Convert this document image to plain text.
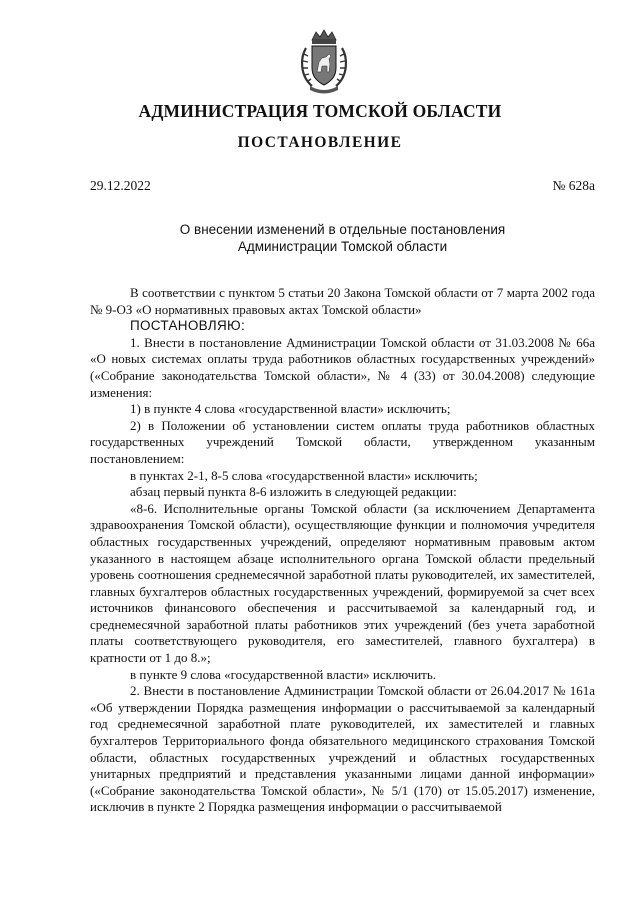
АДМИНИСТРАЦИЯ ТОМСКОЙ ОБЛАСТИ
ПОСТАНОВЛЕНИЕ
29.12.2022	№ 628а
О внесении изменений в отдельные постановления
Администрации Томской области

В соответствии с пунктом 5 статьи 20 Закона Томской области от 7 марта 2002 года № 9-ОЗ «О нормативных правовых актах Томской области»

ПОСТАНОВЛЯЮ:

1. Внести в постановление Администрации Томской области от 31.03.2008 № 66а «О новых системах оплаты труда работников областных государственных учреждений» («Собрание законодательства Томской области», № 4 (33) от 30.04.2008) следующие изменения:

1) в пункте 4 слова «государственной власти» исключить;

2) в Положении об установлении систем оплаты труда работников областных государственных учреждений Томской области, утвержденном указанным постановлением:

в пунктах 2-1, 8-5 слова «государственной власти» исключить;

абзац первый пункта 8-6 изложить в следующей редакции:

«8-6. Исполнительные органы Томской области (за исключением Департамента здравоохранения Томской области), осуществляющие функции и полномочия учредителя областных государственных учреждений, определяют нормативным правовым актом указанного в настоящем абзаце исполнительного органа Томской области предельный уровень соотношения среднемесячной заработной платы руководителей, их заместителей, главных бухгалтеров областных государственных учреждений, формируемой за счет всех источников финансового обеспечения и рассчитываемой за календарный год, и среднемесячной заработной платы работников этих учреждений (без учета заработной платы соответствующего руководителя, его заместителей, главного бухгалтера) в кратности от 1 до 8.»;

в пункте 9 слова «государственной власти» исключить.

2. Внести в постановление Администрации Томской области от 26.04.2017 № 161а «Об утверждении Порядка размещения информации о рассчитываемой за календарный год среднемесячной заработной плате руководителей, их заместителей и главных бухгалтеров Территориального фонда обязательного медицинского страхования Томской области, областных государственных учреждений и областных государственных унитарных предприятий и представления указанными лицами данной информации» («Собрание законодательства Томской области», № 5/1 (170) от 15.05.2017) изменение, исключив в пункте 2 Порядка размещения информации о рассчитываемой
